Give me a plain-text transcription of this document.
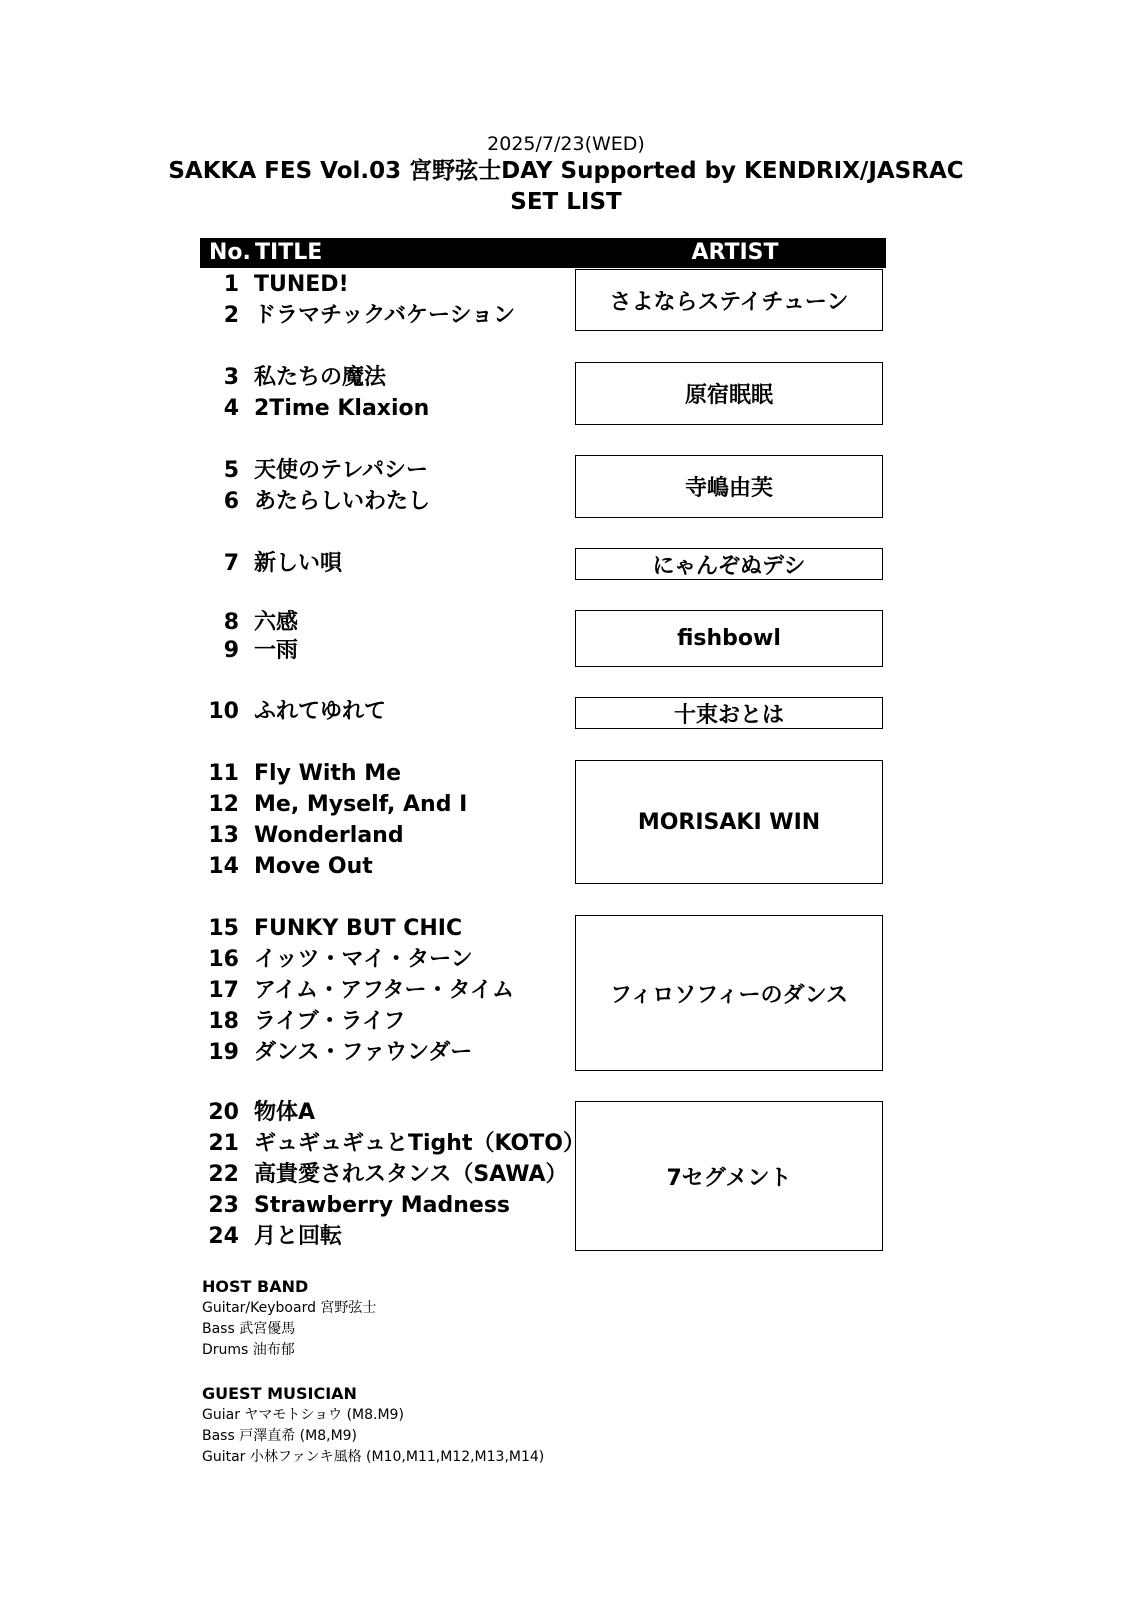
2025/7/23(WED)
SAKKA FES Vol.03 宮野弦士DAY Supported by KENDRIX/JASRAC
SET LIST
No. TITLE	ARTIST
1 TUNED!
2 ドラマチックバケーション
3 私たちの魔法
4 2Time Klaxion
5 天使のテレパシー
6 あたらしいわたし
7 新しい唄
8 六感
9 一雨
10 ふれてゆれて
11 Fly With Me
12 Me, Myself, And I
13 Wonderland
14 Move Out
15 FUNKY BUT CHIC
16 イッツ・マイ・ターン
17 アイム・アフター・タイム
18 ライブ・ライフ
19 ダンス・ファウンダー
20 物体A
21 ギュギュギュとTight（KOTO）
22 高貴愛されスタンス（SAWA）
23 Strawberry Madness
24 月と回転
さよならステイチューン
原宿眠眠
寺嶋由芙
にゃんぞぬデシ
fishbowl
十束おとは
MORISAKI WIN
フィロソフィーのダンス
7セグメント
HOST BAND
Guitar/Keyboard 宮野弦士
Bass 武宮優馬
Drums 油布郁
GUEST MUSICIAN
Guiar ヤマモトショウ (M8.M9)
Bass 戸澤直希 (M8,M9)
Guitar 小林ファンキ風格 (M10,M11,M12,M13,M14)
